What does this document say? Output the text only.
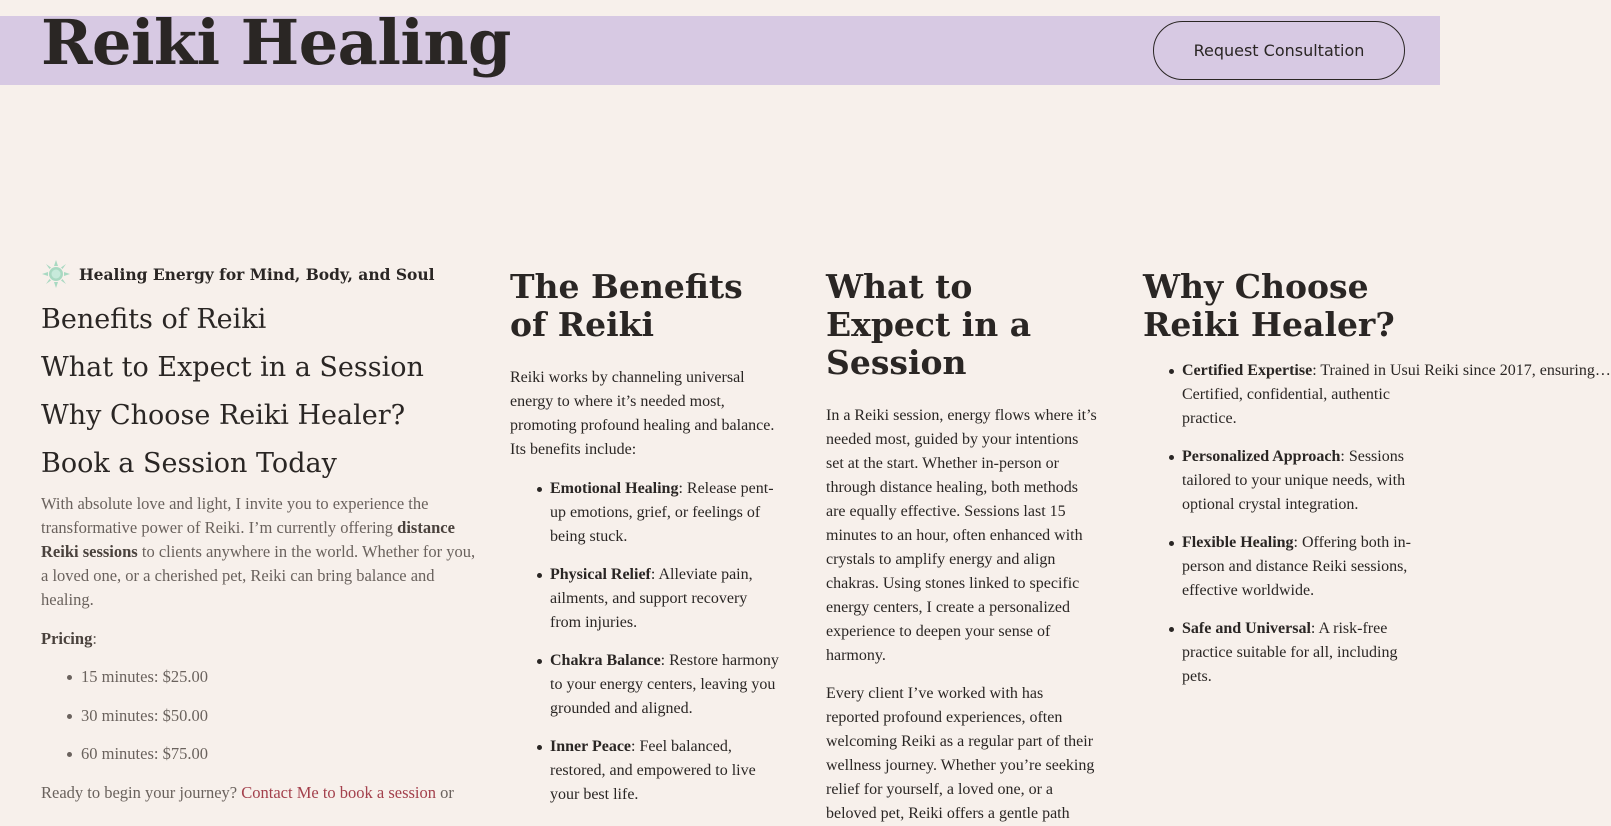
Reiki Healing	Request Consultation
Healing Energy for Mind, Body, and Soul
Benefits of Reiki
What to Expect in a Session
Why Choose Reiki Healer?
Book a Session Today

With absolute love and light, I invite you to experience the transformative power of Reiki. I’m currently offering distance Reiki sessions to clients anywhere in the world. Whether for you, a loved one, or a cherished pet, Reiki can bring balance and healing.

Pricing:

15 minutes: $25.00
30 minutes: $50.00
60 minutes: $75.00

Ready to begin your journey? Contact Me to book a session or

The Benefits of Reiki

Reiki works by channeling universal energy to where it’s needed most, promoting profound healing and balance. Its benefits include:

Emotional Healing: Release pent-up emotions, grief, or feelings of being stuck.
Physical Relief: Alleviate pain, ailments, and support recovery from injuries.
Chakra Balance: Restore harmony to your energy centers, leaving you grounded and aligned.
Inner Peace: Feel balanced, restored, and empowered to live your best life.
What to Expect in a Session

In a Reiki session, energy flows where it’s needed most, guided by your intentions set at the start. Whether in-person or through distance healing, both methods are equally effective. Sessions last 15 minutes to an hour, often enhanced with crystals to amplify energy and align chakras. Using stones linked to specific energy centers, I create a personalized experience to deepen your sense of harmony.

Every client I’ve worked with has reported profound experiences, often welcoming Reiki as a regular part of their wellness journey. Whether you’re seeking relief for yourself, a loved one, or a beloved pet, Reiki offers a gentle path

Why Choose Reiki Healer?
Certified Expertise: Trained in Usui Reiki since 2017, ensuring…
Certified, confidential, authentic practice.
Personalized Approach: Sessions tailored to your unique needs, with optional crystal integration.
Flexible Healing: Offering both in-person and distance Reiki sessions, effective worldwide.
Safe and Universal: A risk-free practice suitable for all, including pets.
